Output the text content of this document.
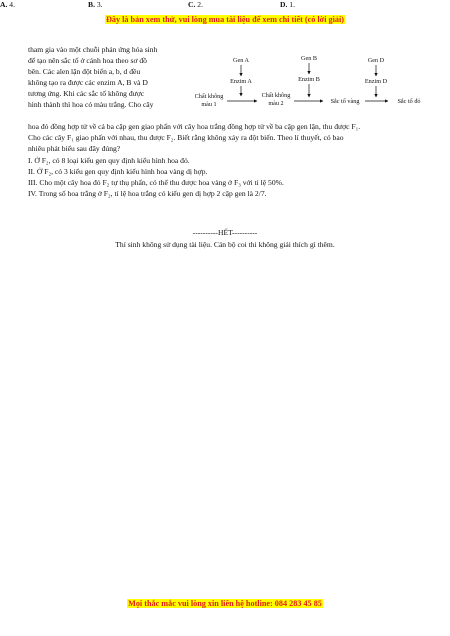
Đây là bản xem thử, vui lòng mua tài liệu để xem chi tiết (có lời giải)
tham gia vào một chuỗi phản ứng hóa sinh
để tạo nên sắc tố ở cánh hoa theo sơ đồ
bên. Các alen lặn đột biến a, b, d đều
không tạo ra được các enzim A, B và D
tương ứng. Khi các sắc tố không được
hình thành thì hoa có màu trắng. Cho cây
Gen A
Enzim A
Gen B
Enzim B
Gen D
Enzim D
Chất không
màu 1
Chất không
màu 2	Sắc tố vàng	Sắc tố đỏ
hoa đỏ đồng hợp tử về cả ba cặp gen giao phấn với cây hoa trắng đồng hợp tử về ba cặp gen lặn, thu được F₁.
Cho các cây F₁ giao phấn với nhau, thu được F₂. Biết rằng không xảy ra đột biến. Theo lí thuyết, có bao
nhiêu phát biểu sau đây đúng?
I. Ở F₂, có 8 loại kiểu gen quy định kiểu hình hoa đỏ.
II. Ở F₂, có 3 kiểu gen quy định kiểu hình hoa vàng dị hợp.
III. Cho một cây hoa đỏ F₂ tự thụ phấn, có thể thu được hoa vàng ở F₃ với tỉ lệ 50%.
IV. Trong số hoa trắng ở F₂, tỉ lệ hoa trắng có kiểu gen dị hợp 2 cặp gen là 2/7.
A. 4.	B. 3.	C. 2.	D. 1.
----------HẾT----------
Thí sinh không sử dụng tài liệu. Cán bộ coi thi không giải thích gì thêm.
Mọi thắc mắc vui lòng xin liên hệ hotline: 084 283 45 85
